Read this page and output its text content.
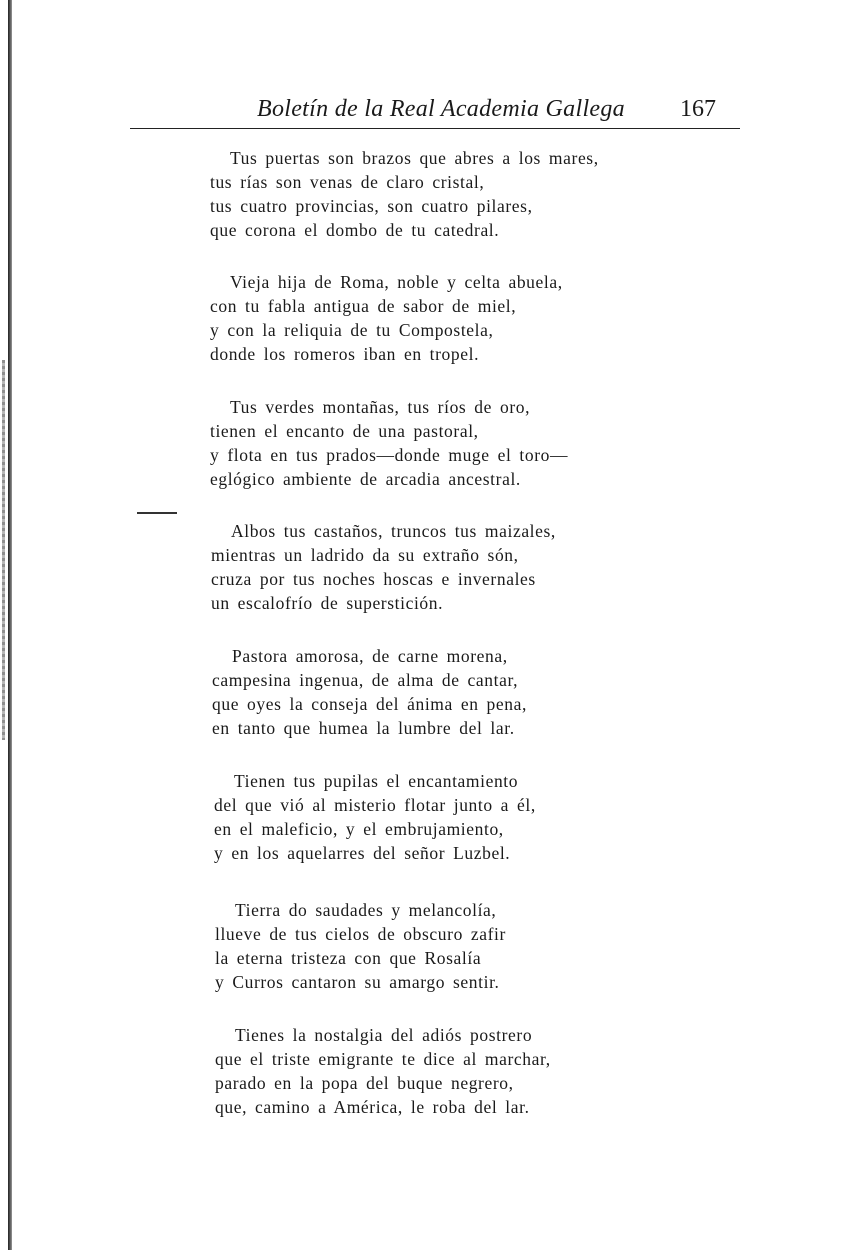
Boletín de la Real Academia Gallega 167
Tus puertas son brazos que abres a los mares,
tus rías son venas de claro cristal,
tus cuatro provincias, son cuatro pilares,
que corona el dombo de tu catedral.
Vieja hija de Roma, noble y celta abuela,
con tu fabla antigua de sabor de miel,
y con la reliquia de tu Compostela,
donde los romeros iban en tropel.
Tus verdes montañas, tus ríos de oro,
tienen el encanto de una pastoral,
y flota en tus prados—donde muge el toro—
eglógico ambiente de arcadia ancestral.
Albos tus castaños, truncos tus maizales,
mientras un ladrido da su extraño són,
cruza por tus noches hoscas e invernales
un escalofrío de superstición.
Pastora amorosa, de carne morena,
campesina ingenua, de alma de cantar,
que oyes la conseja del ánima en pena,
en tanto que humea la lumbre del lar.
Tienen tus pupilas el encantamiento
del que vió al misterio flotar junto a él,
en el maleficio, y el embrujamiento,
y en los aquelarres del señor Luzbel.
Tierra do saudades y melancolía,
llueve de tus cielos de obscuro zafir
la eterna tristeza con que Rosalía
y Curros cantaron su amargo sentir.
Tienes la nostalgia del adiós postrero
que el triste emigrante te dice al marchar,
parado en la popa del buque negrero,
que, camino a América, le roba del lar.
